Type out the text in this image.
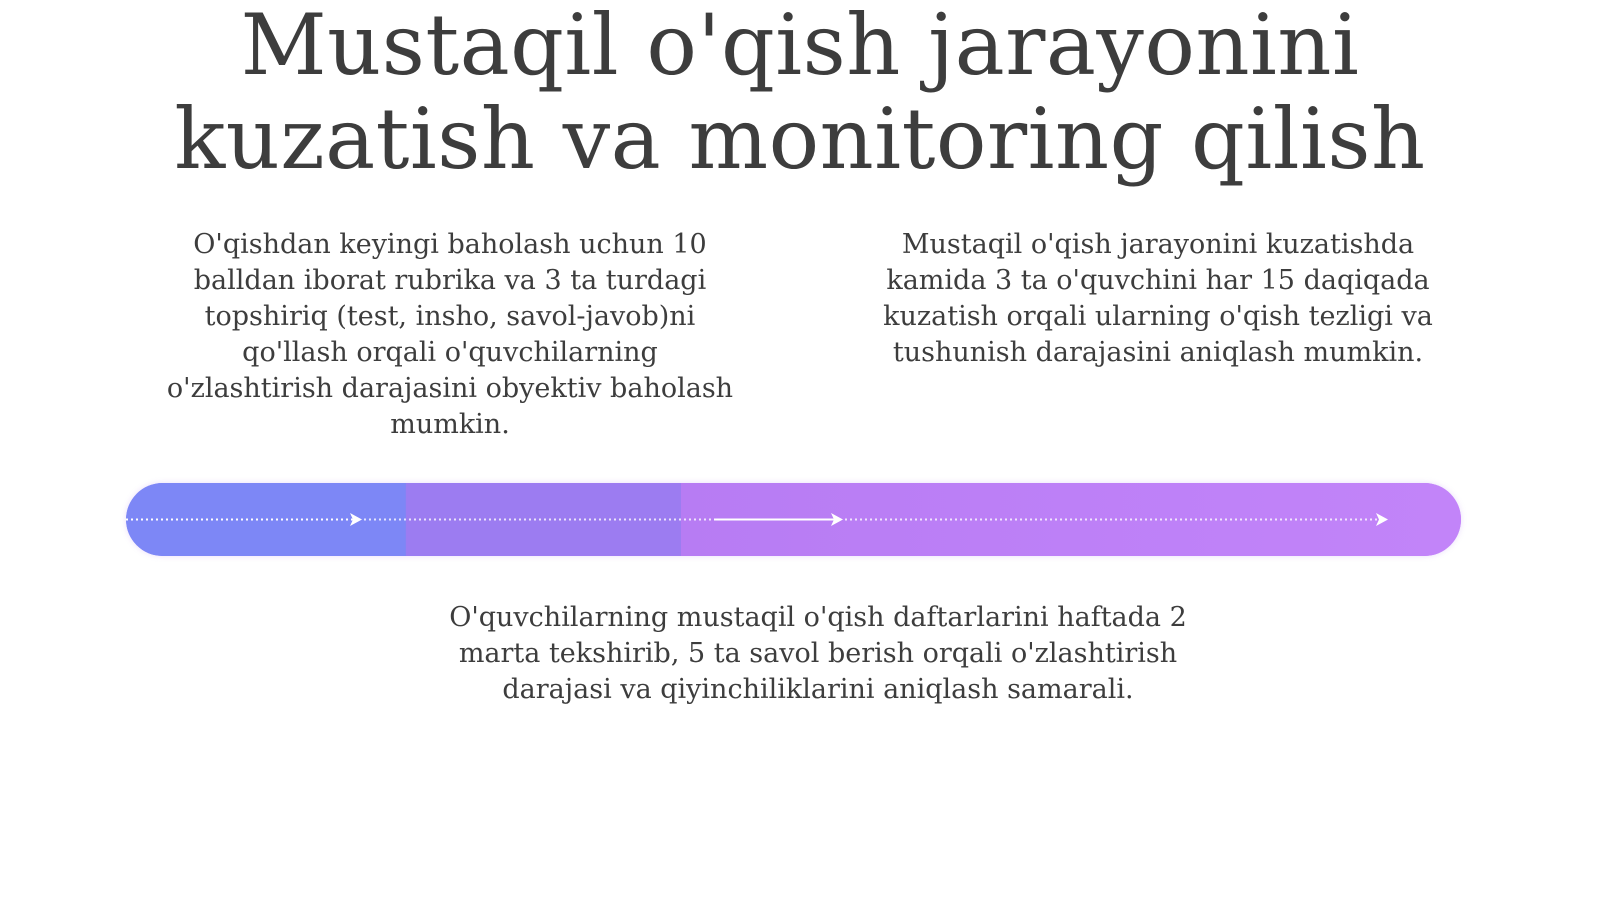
Mustaqil o'qish jarayonini
kuzatish va monitoring qilish

O'qishdan keyingi baholash uchun 10 balldan iborat rubrika va 3 ta turdagi topshiriq (test, insho, savol-javob)ni qo'llash orqali o'quvchilarning o'zlashtirish darajasini obyektiv baholash mumkin.

Mustaqil o'qish jarayonini kuzatishda kamida 3 ta o'quvchini har 15 daqiqada kuzatish orqali ularning o'qish tezligi va tushunish darajasini aniqlash mumkin.

O'quvchilarning mustaqil o'qish daftarlarini haftada 2 marta tekshirib, 5 ta savol berish orqali o'zlashtirish darajasi va qiyinchiliklarini aniqlash samarali.
